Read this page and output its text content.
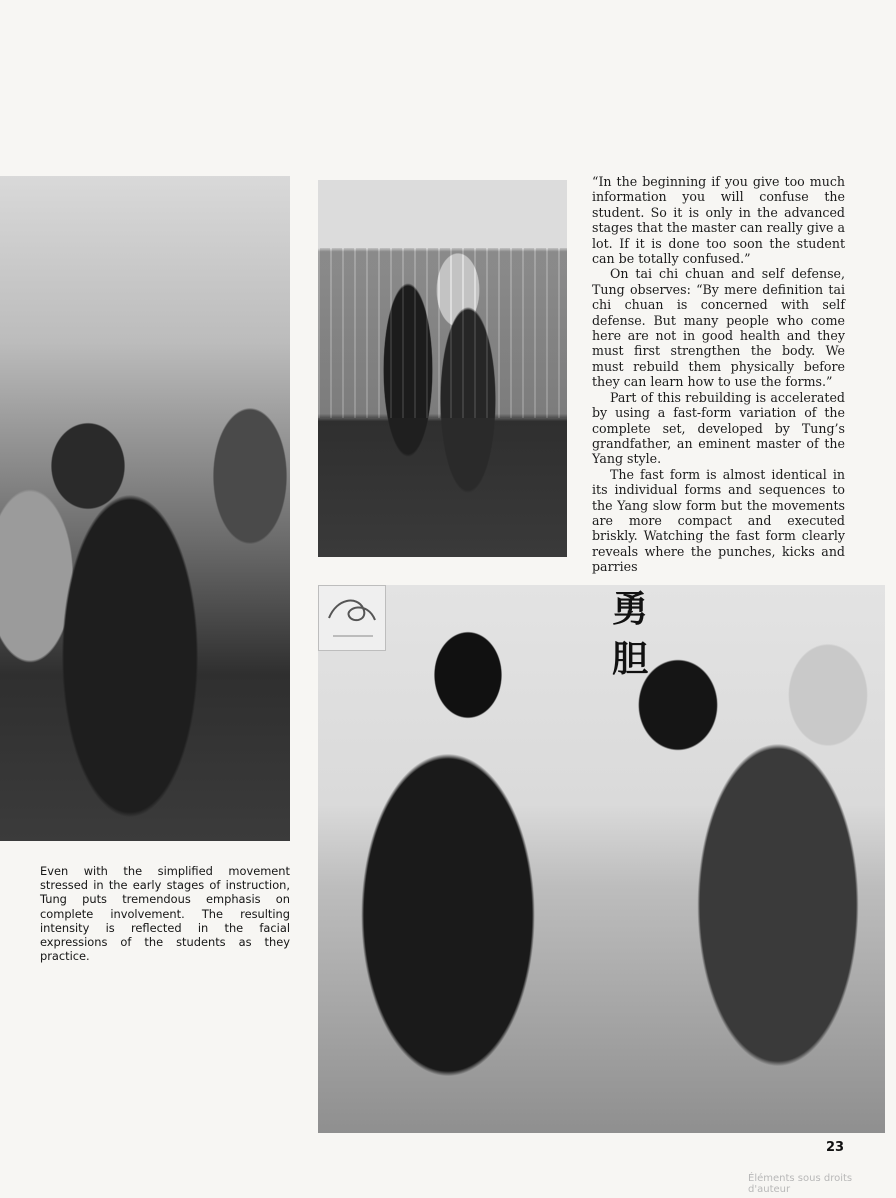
勇
胆

“In the beginning if you give too much information you will confuse the student. So it is only in the advanced stages that the master can really give a lot. If it is done too soon the student can be totally confused.”

On tai chi chuan and self defense, Tung observes: “By mere definition tai chi chuan is concerned with self defense. But many people who come here are not in good health and they must first strengthen the body. We must rebuild them physically before they can learn how to use the forms.”

Part of this rebuilding is accelerated by using a fast-form variation of the complete set, developed by Tung’s grandfather, an eminent master of the Yang style.

The fast form is almost identical in its individual forms and sequences to the Yang slow form but the movements are more compact and executed briskly. Watching the fast form clearly reveals where the punches, kicks and parries

Even with the simplified movement stressed in the early stages of instruction, Tung puts tremendous emphasis on complete involvement. The resulting intensity is reflected in the facial expressions of the students as they practice.
23
Éléments sous droits d'auteur
